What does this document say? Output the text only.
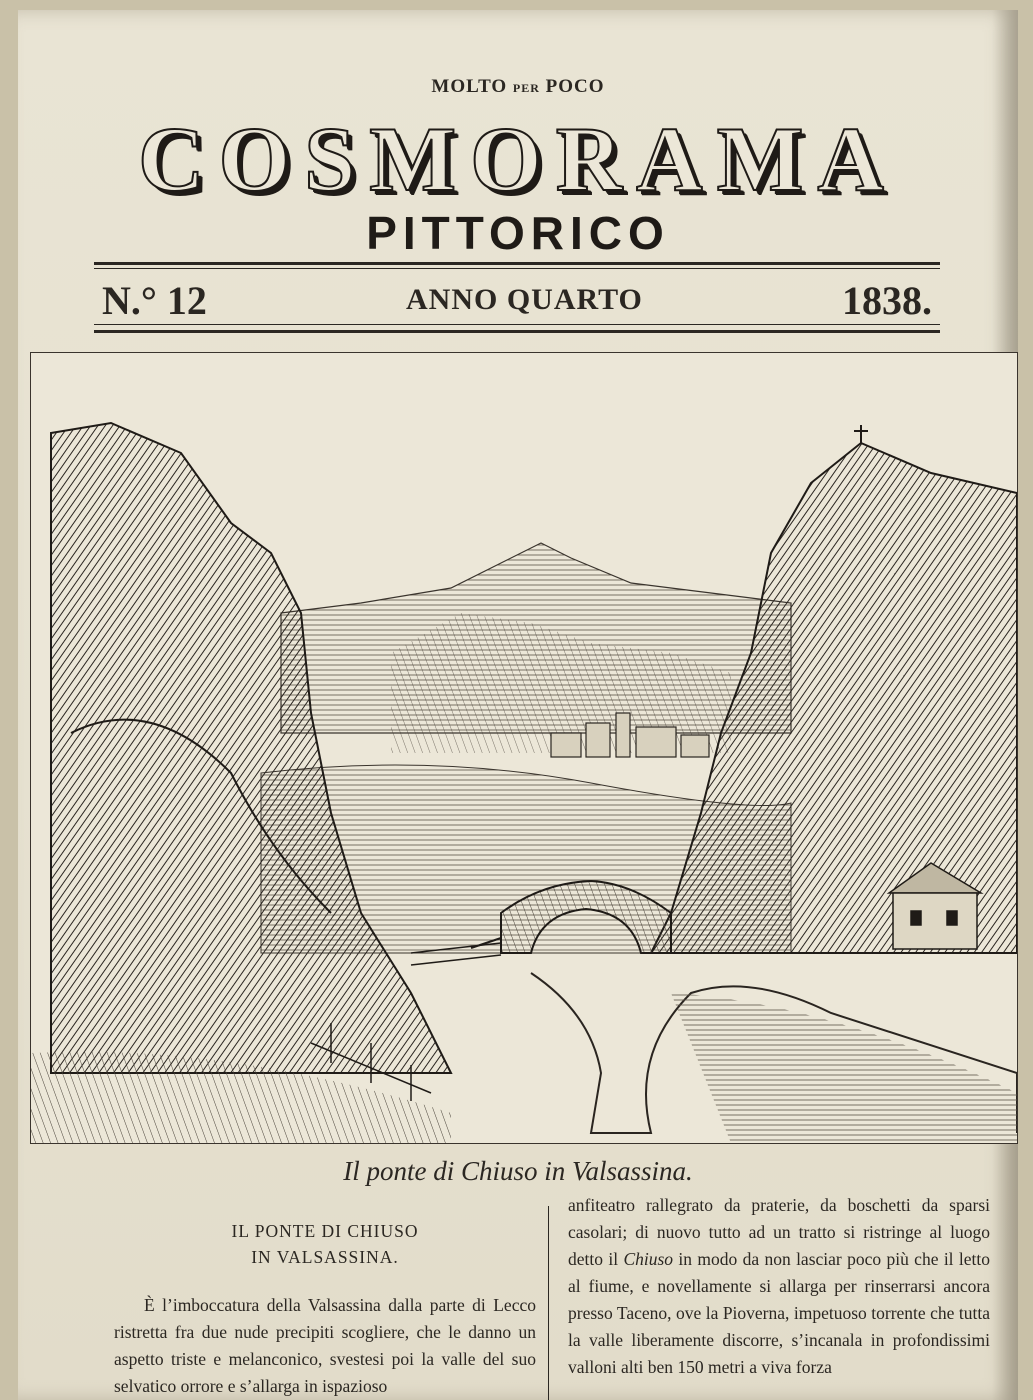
MOLTO PER POCO
COSMORAMA
PITTORICO
N.° 12	ANNO QUARTO	1838.
Il ponte di Chiuso in Valsassina.
IL PONTE DI CHIUSO
IN VALSASSINA.
È l’imboccatura della Valsassina dalla parte di Lecco ristretta fra due nude precipiti scogliere, che le danno un aspetto triste e melanconico, svestesi poi la valle del suo selvatico orrore e s’allarga in ispazioso
anfiteatro rallegrato da praterie, da boschetti da sparsi casolari; di nuovo tutto ad un tratto si ristringe al luogo detto il Chiuso in modo da non lasciar poco più che il letto al fiume, e novellamente si allarga per rinserrarsi ancora presso Taceno, ove la Pioverna, impetuoso torrente che tutta la valle liberamente discorre, s’incanala in profondissimi valloni alti ben 150 metri a viva forza
